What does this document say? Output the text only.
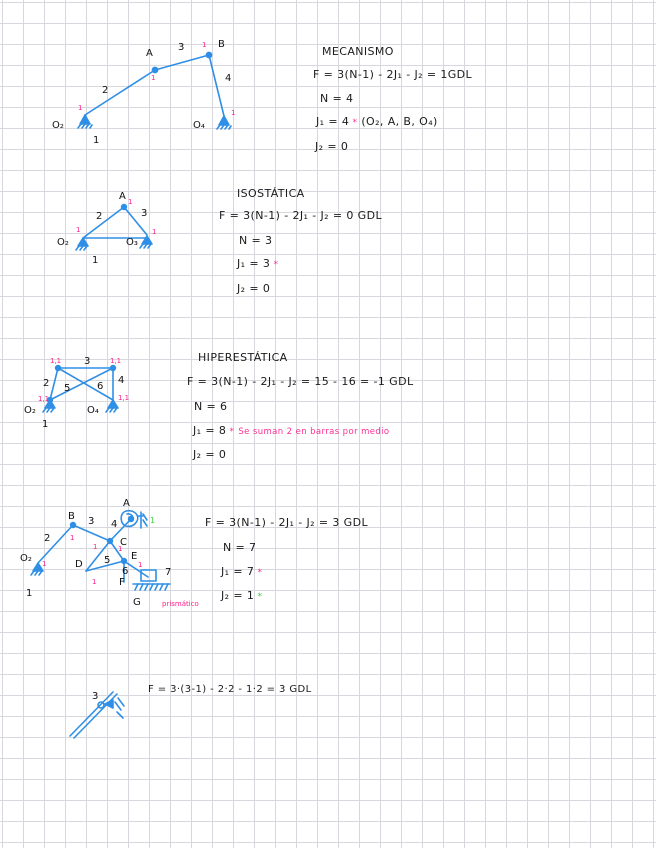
A
B
O₂	O₄
1
2
3
4
A
O₂	O₃
1
2	3
O₂	O₄
1
2
3
4
5	6
A
B
C
D
E
F
G
O₂
1
2
3 4
5
6	7
prismático
3
1
1
1
1
1
1	1
1,1	1,1
1,1	1,1
1
1	1
1
1
1
1
MECANISMO
F = 3(N-1) - 2J₁ - J₂ = 1GDL
N = 4
J₁ = 4 * (O₂, A, B, O₄)
J₂ = 0
ISOSTÁTICA
F = 3(N-1) - 2J₁ - J₂ = 0 GDL
N = 3
J₁ = 3 *
J₂ = 0
HIPERESTÁTICA
F = 3(N-1) - 2J₁ - J₂ = 15 - 16 = -1 GDL
N = 6
J₁ = 8 * Se suman 2 en barras por medio
J₂ = 0
F = 3(N-1) - 2J₁ - J₂ = 3 GDL
N = 7
J₁ = 7 *
J₂ = 1 *
F = 3·(3-1) - 2·2 - 1·2 = 3 GDL
